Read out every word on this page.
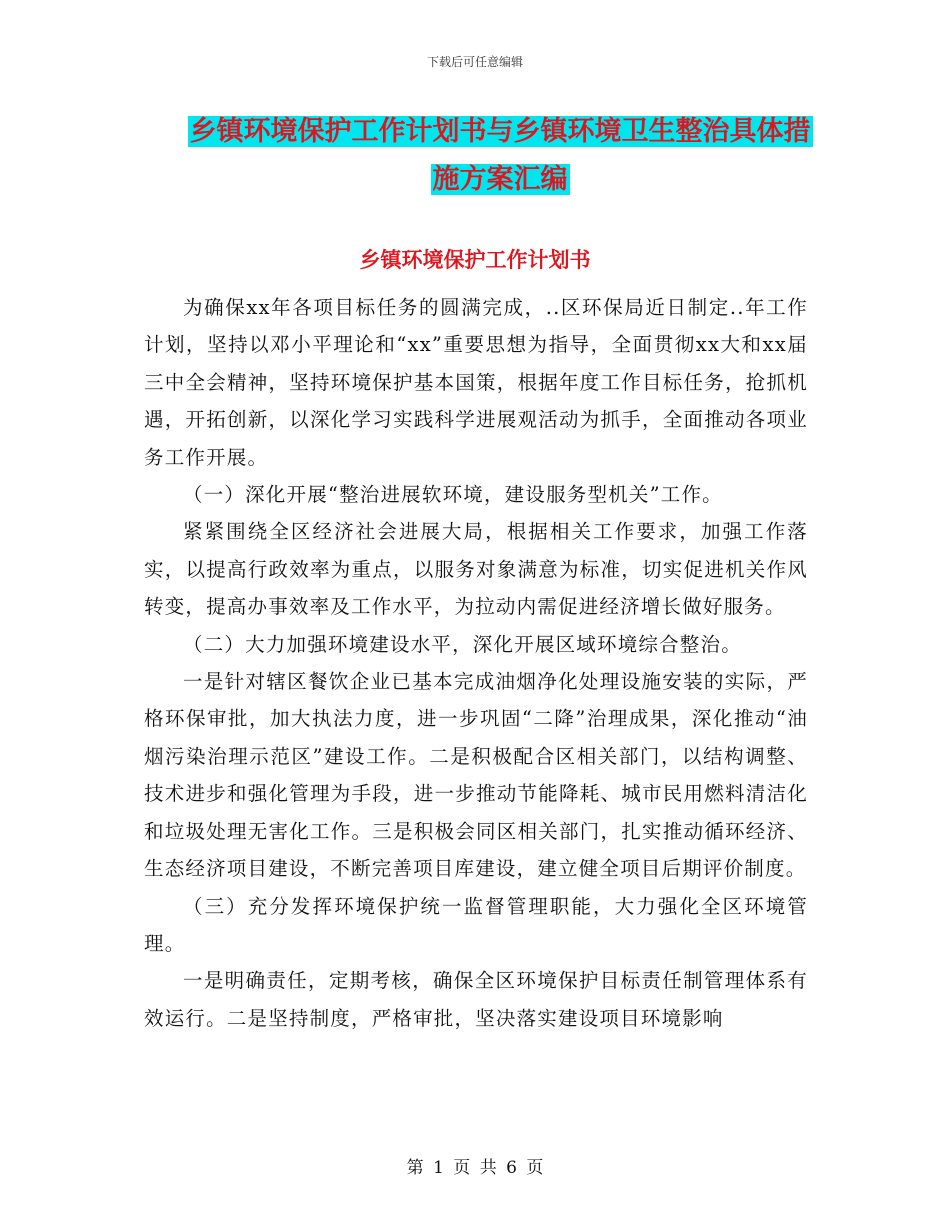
下载后可任意编辑
乡镇环境保护工作计划书与乡镇环境卫生整治具体措
施方案汇编
乡镇环境保护工作计划书

为确保xx年各项目标任务的圆满完成，..区环保局近日制定..年工作计划，坚持以邓小平理论和“xx”重要思想为指导，全面贯彻xx大和xx届三中全会精神，坚持环境保护基本国策，根据年度工作目标任务，抢抓机遇，开拓创新，以深化学习实践科学进展观活动为抓手，全面推动各项业务工作开展。

（一）深化开展“整治进展软环境，建设服务型机关”工作。

紧紧围绕全区经济社会进展大局，根据相关工作要求，加强工作落实，以提高行政效率为重点，以服务对象满意为标准，切实促进机关作风转变，提高办事效率及工作水平，为拉动内需促进经济增长做好服务。

（二）大力加强环境建设水平，深化开展区域环境综合整治。

一是针对辖区餐饮企业已基本完成油烟净化处理设施安装的实际，严格环保审批，加大执法力度，进一步巩固“二降”治理成果，深化推动“油烟污染治理示范区”建设工作。二是积极配合区相关部门，以结构调整、技术进步和强化管理为手段，进一步推动节能降耗、城市民用燃料清洁化和垃圾处理无害化工作。三是积极会同区相关部门，扎实推动循环经济、生态经济项目建设，不断完善项目库建设，建立健全项目后期评价制度。

（三）充分发挥环境保护统一监督管理职能，大力强化全区环境管理。

一是明确责任，定期考核，确保全区环境保护目标责任制管理体系有效运行。二是坚持制度，严格审批，坚决落实建设项目环境影响

第 1 页 共 6 页
